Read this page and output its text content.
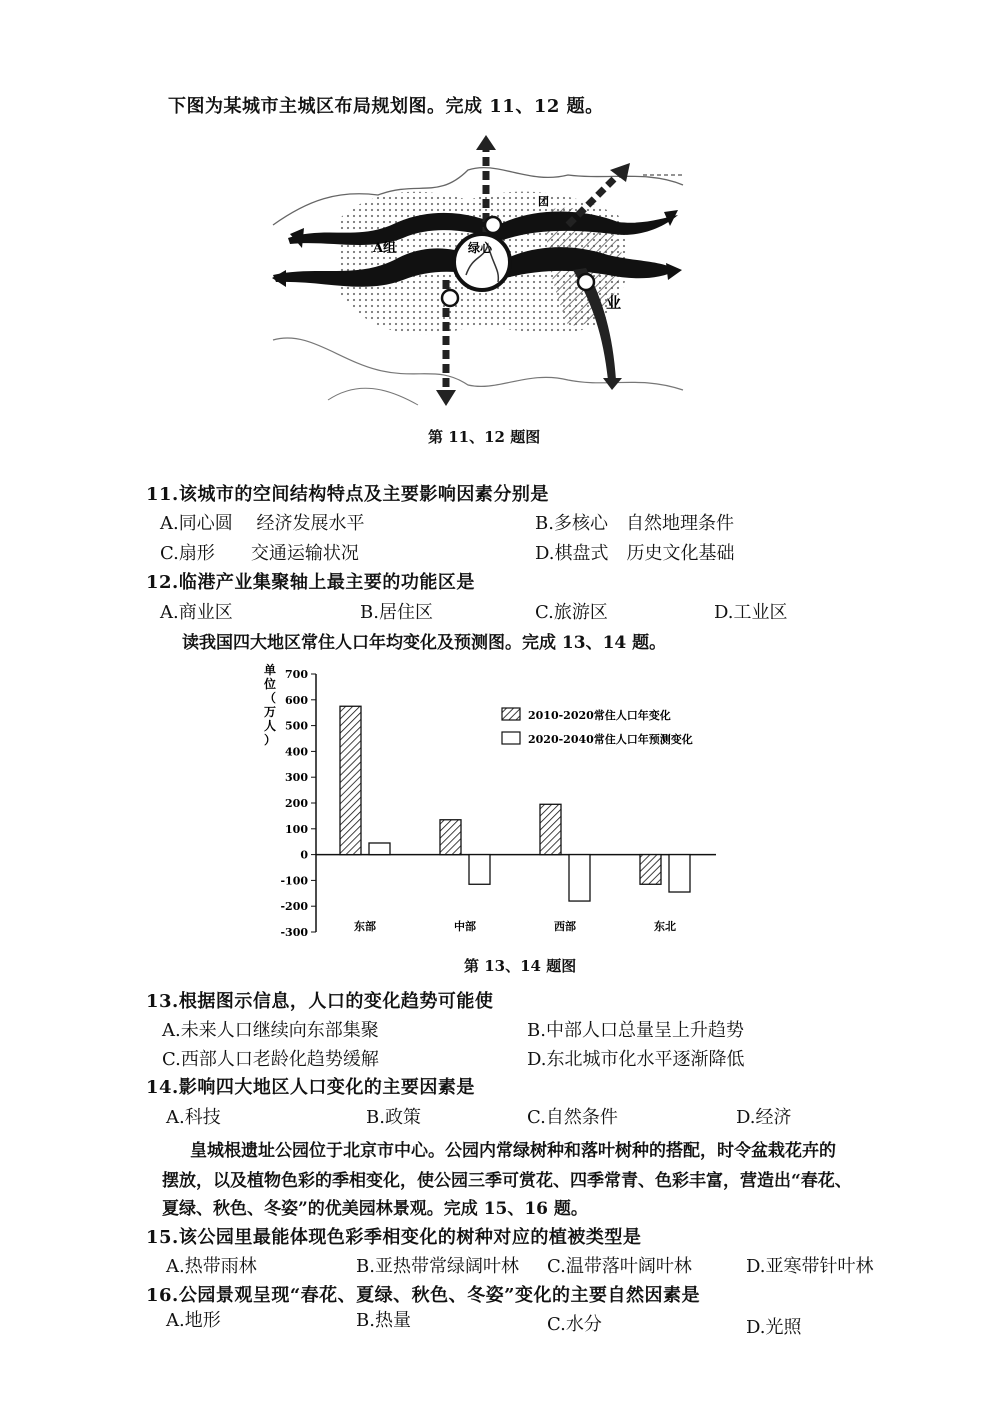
下图为某城市主城区布局规划图。完成 11、12 题。
绿心
A组
团
业
第 11、12 题图
11.该城市的空间结构特点及主要影响因素分别是
A.同心圆　 经济发展水平	B.多核心　自然地理条件
C.扇形　　交通运输状况	D.棋盘式　历史文化基础
12.临港产业集聚轴上最主要的功能区是
A.商业区	B.居住区	C.旅游区	D.工业区
读我国四大地区常住人口年均变化及预测图。完成 13、14 题。
单位（万人）
700
600
500
400
300
200
100
0
-100
-200
-300	东部	中部	西部	东北
2010-2020常住人口年变化
2020-2040常住人口年预测变化
第 13、14 题图
13.根据图示信息，人口的变化趋势可能使
A.未来人口继续向东部集聚	B.中部人口总量呈上升趋势
C.西部人口老龄化趋势缓解	D.东北城市化水平逐渐降低
14.影响四大地区人口变化的主要因素是
A.科技	B.政策	C.自然条件	D.经济
皇城根遗址公园位于北京市中心。公园内常绿树种和落叶树种的搭配，时令盆栽花卉的
摆放，以及植物色彩的季相变化，使公园三季可赏花、四季常青、色彩丰富，营造出“春花、
夏绿、秋色、冬姿”的优美园林景观。完成 15、16 题。
15.该公园里最能体现色彩季相变化的树种对应的植被类型是
A.热带雨林	B.亚热带常绿阔叶林 C.温带落叶阔叶林	D.亚寒带针叶林
16.公园景观呈现“春花、夏绿、秋色、冬姿”变化的主要自然因素是
A.地形	B.热量	C.水分	D.光照
